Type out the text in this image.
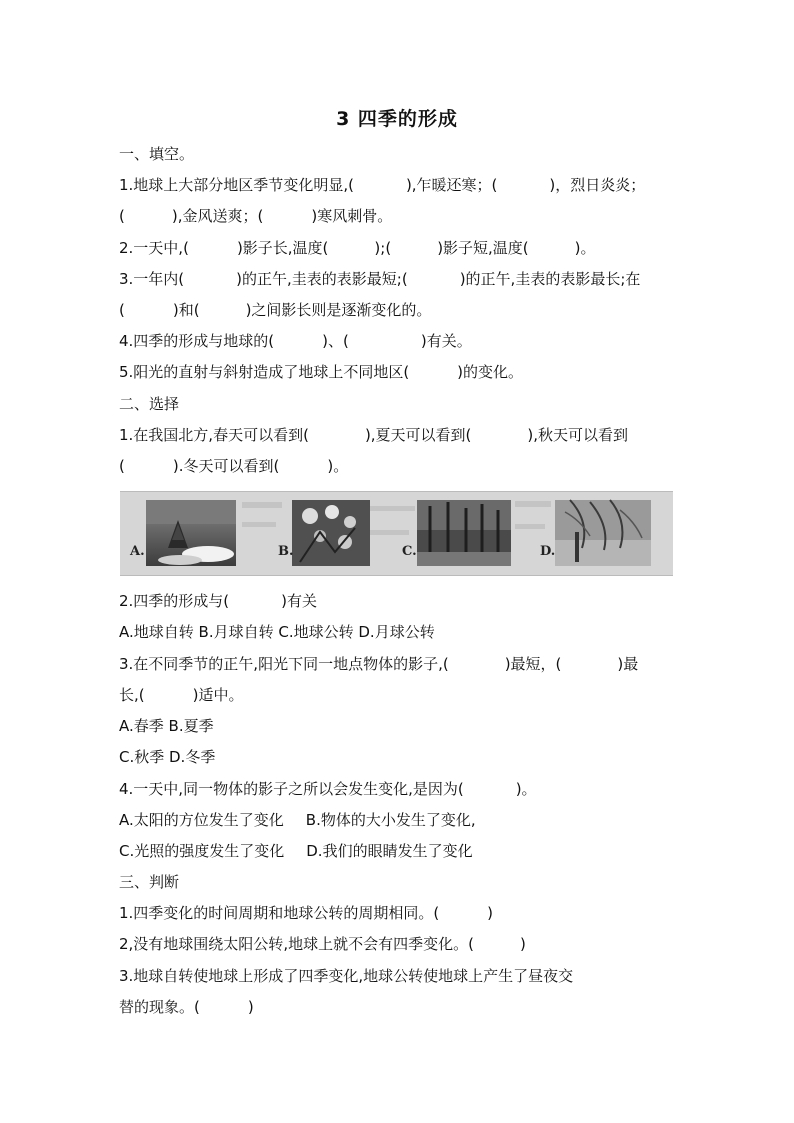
3 四季的形成
一、填空。
1.地球上大部分地区季节变化明显,(	),乍暖还寒；(	)，烈日炎炎；
(	),金风送爽；(	)寒风刺骨。
2.一天中,(	)影子长,温度(	);(	)影子短,温度(	)。
3.一年内(	)的正午,圭表的表影最短;(	)的正午,圭表的表影最长;在
(	)和(	)之间影长则是逐渐变化的。
4.四季的形成与地球的(	)、(	)有关。
5.阳光的直射与斜射造成了地球上不同地区(	)的变化。
二、选择
1.在我国北方,春天可以看到(	),夏天可以看到(	),秋天可以看到
(	).冬天可以看到(	)。
A.	B.	C.	D.
2.四季的形成与(	)有关
A.地球自转 B.月球自转 C.地球公转 D.月球公转
3.在不同季节的正午,阳光下同一地点物体的影子,(	)最短，(	)最
长,(	)适中。
A.春季 B.夏季
C.秋季 D.冬季
4.一天中,同一物体的影子之所以会发生变化,是因为(	)。
A.太阳的方位发生了变化 B.物体的大小发生了变化,
C.光照的强度发生了变化 D.我们的眼睛发生了变化
三、判断
1.四季变化的时间周期和地球公转的周期相同。(	)
2,没有地球围绕太阳公转,地球上就不会有四季变化。(	)
3.地球自转使地球上形成了四季变化,地球公转使地球上产生了昼夜交
替的现象。(	)
